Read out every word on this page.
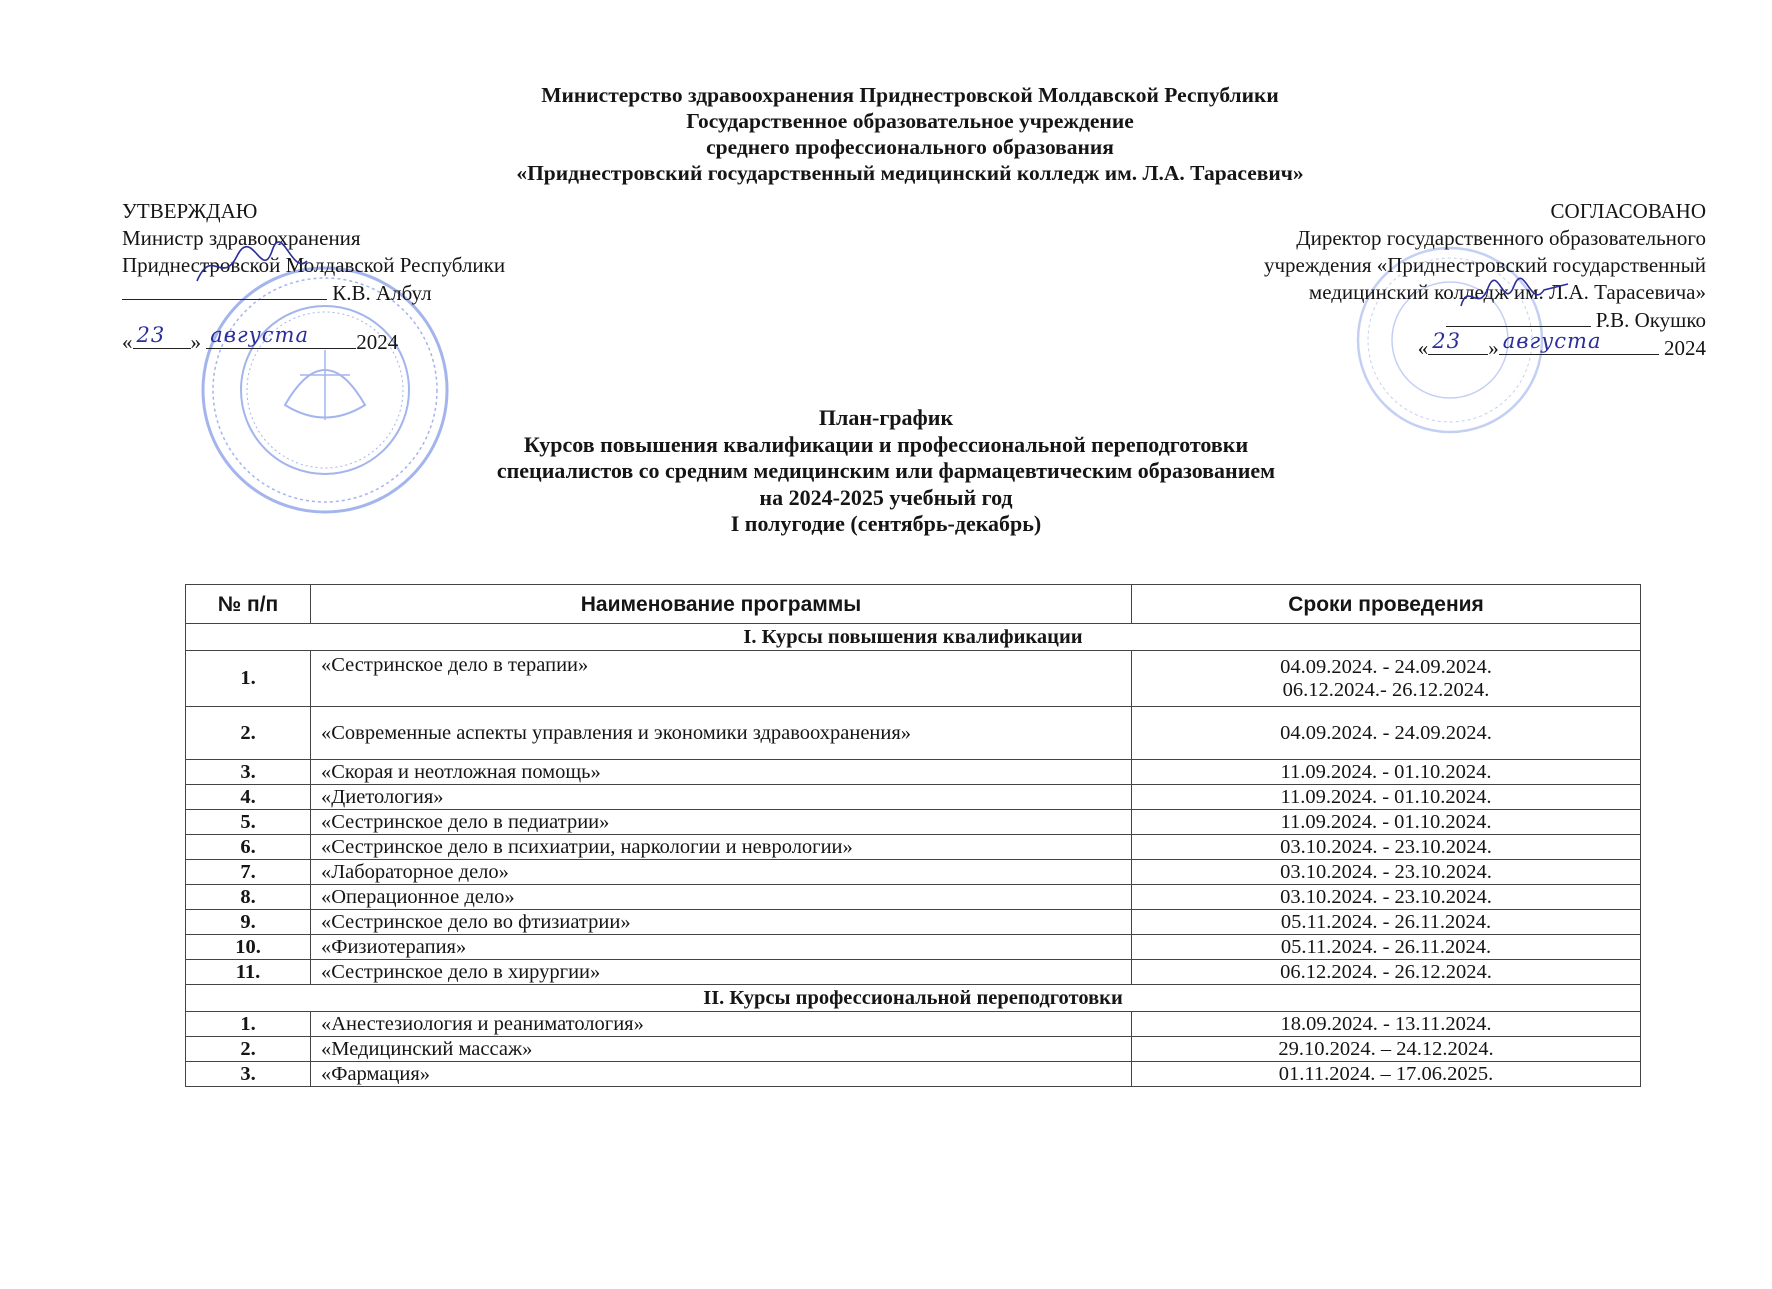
Министерство здравоохранения Приднестровской Молдавской Республики
Государственное образовательное учреждение
среднего профессионального образования
«Приднестровский государственный медицинский колледж им. Л.А. Тарасевич»
УТВЕРЖДАЮ
Министр здравоохранения
Приднестровской Молдавской Республики
К.В. Албул
« 23 » августа 2024
СОГЛАСОВАНО
Директор государственного образовательного
учреждения «Приднестровский государственный
медицинский колледж им. Л.А. Тарасевича»
Р.В. Окушко
« 23 » августа	2024
План-график
Курсов повышения квалификации и профессиональной переподготовки
специалистов со средним медицинским или фармацевтическим образованием
на 2024-2025 учебный год
I полугодие (сентябрь-декабрь)
№ п/п	Наименование программы	Сроки проведения
I. Курсы повышения квалификации		
1.	«Сестринское дело в терапии»	04.09.2024. - 24.09.2024.
06.12.2024.- 26.12.2024.

2.	«Современные аспекты управления и экономики здравоохранения»	04.09.2024. - 24.09.2024.
3.	«Скорая и неотложная помощь»	11.09.2024. - 01.10.2024.
4.	«Диетология»	11.09.2024. - 01.10.2024.
5.	«Сестринское дело в педиатрии»	11.09.2024. - 01.10.2024.
6.	«Сестринское дело в психиатрии, наркологии и неврологии»	03.10.2024. - 23.10.2024.
7.	«Лабораторное дело»	03.10.2024. - 23.10.2024.
8.	«Операционное дело»	03.10.2024. - 23.10.2024.
9.	«Сестринское дело во фтизиатрии»	05.11.2024. - 26.11.2024.
10.	«Физиотерапия»	05.11.2024. - 26.11.2024.
11.	«Сестринское дело в хирургии»	06.12.2024. - 26.12.2024.
II. Курсы профессиональной переподготовки		
1.	«Анестезиология и реаниматология»	18.09.2024. - 13.11.2024.
2.	«Медицинский массаж»	29.10.2024. – 24.12.2024.
3.	«Фармация»	01.11.2024. – 17.06.2025.
